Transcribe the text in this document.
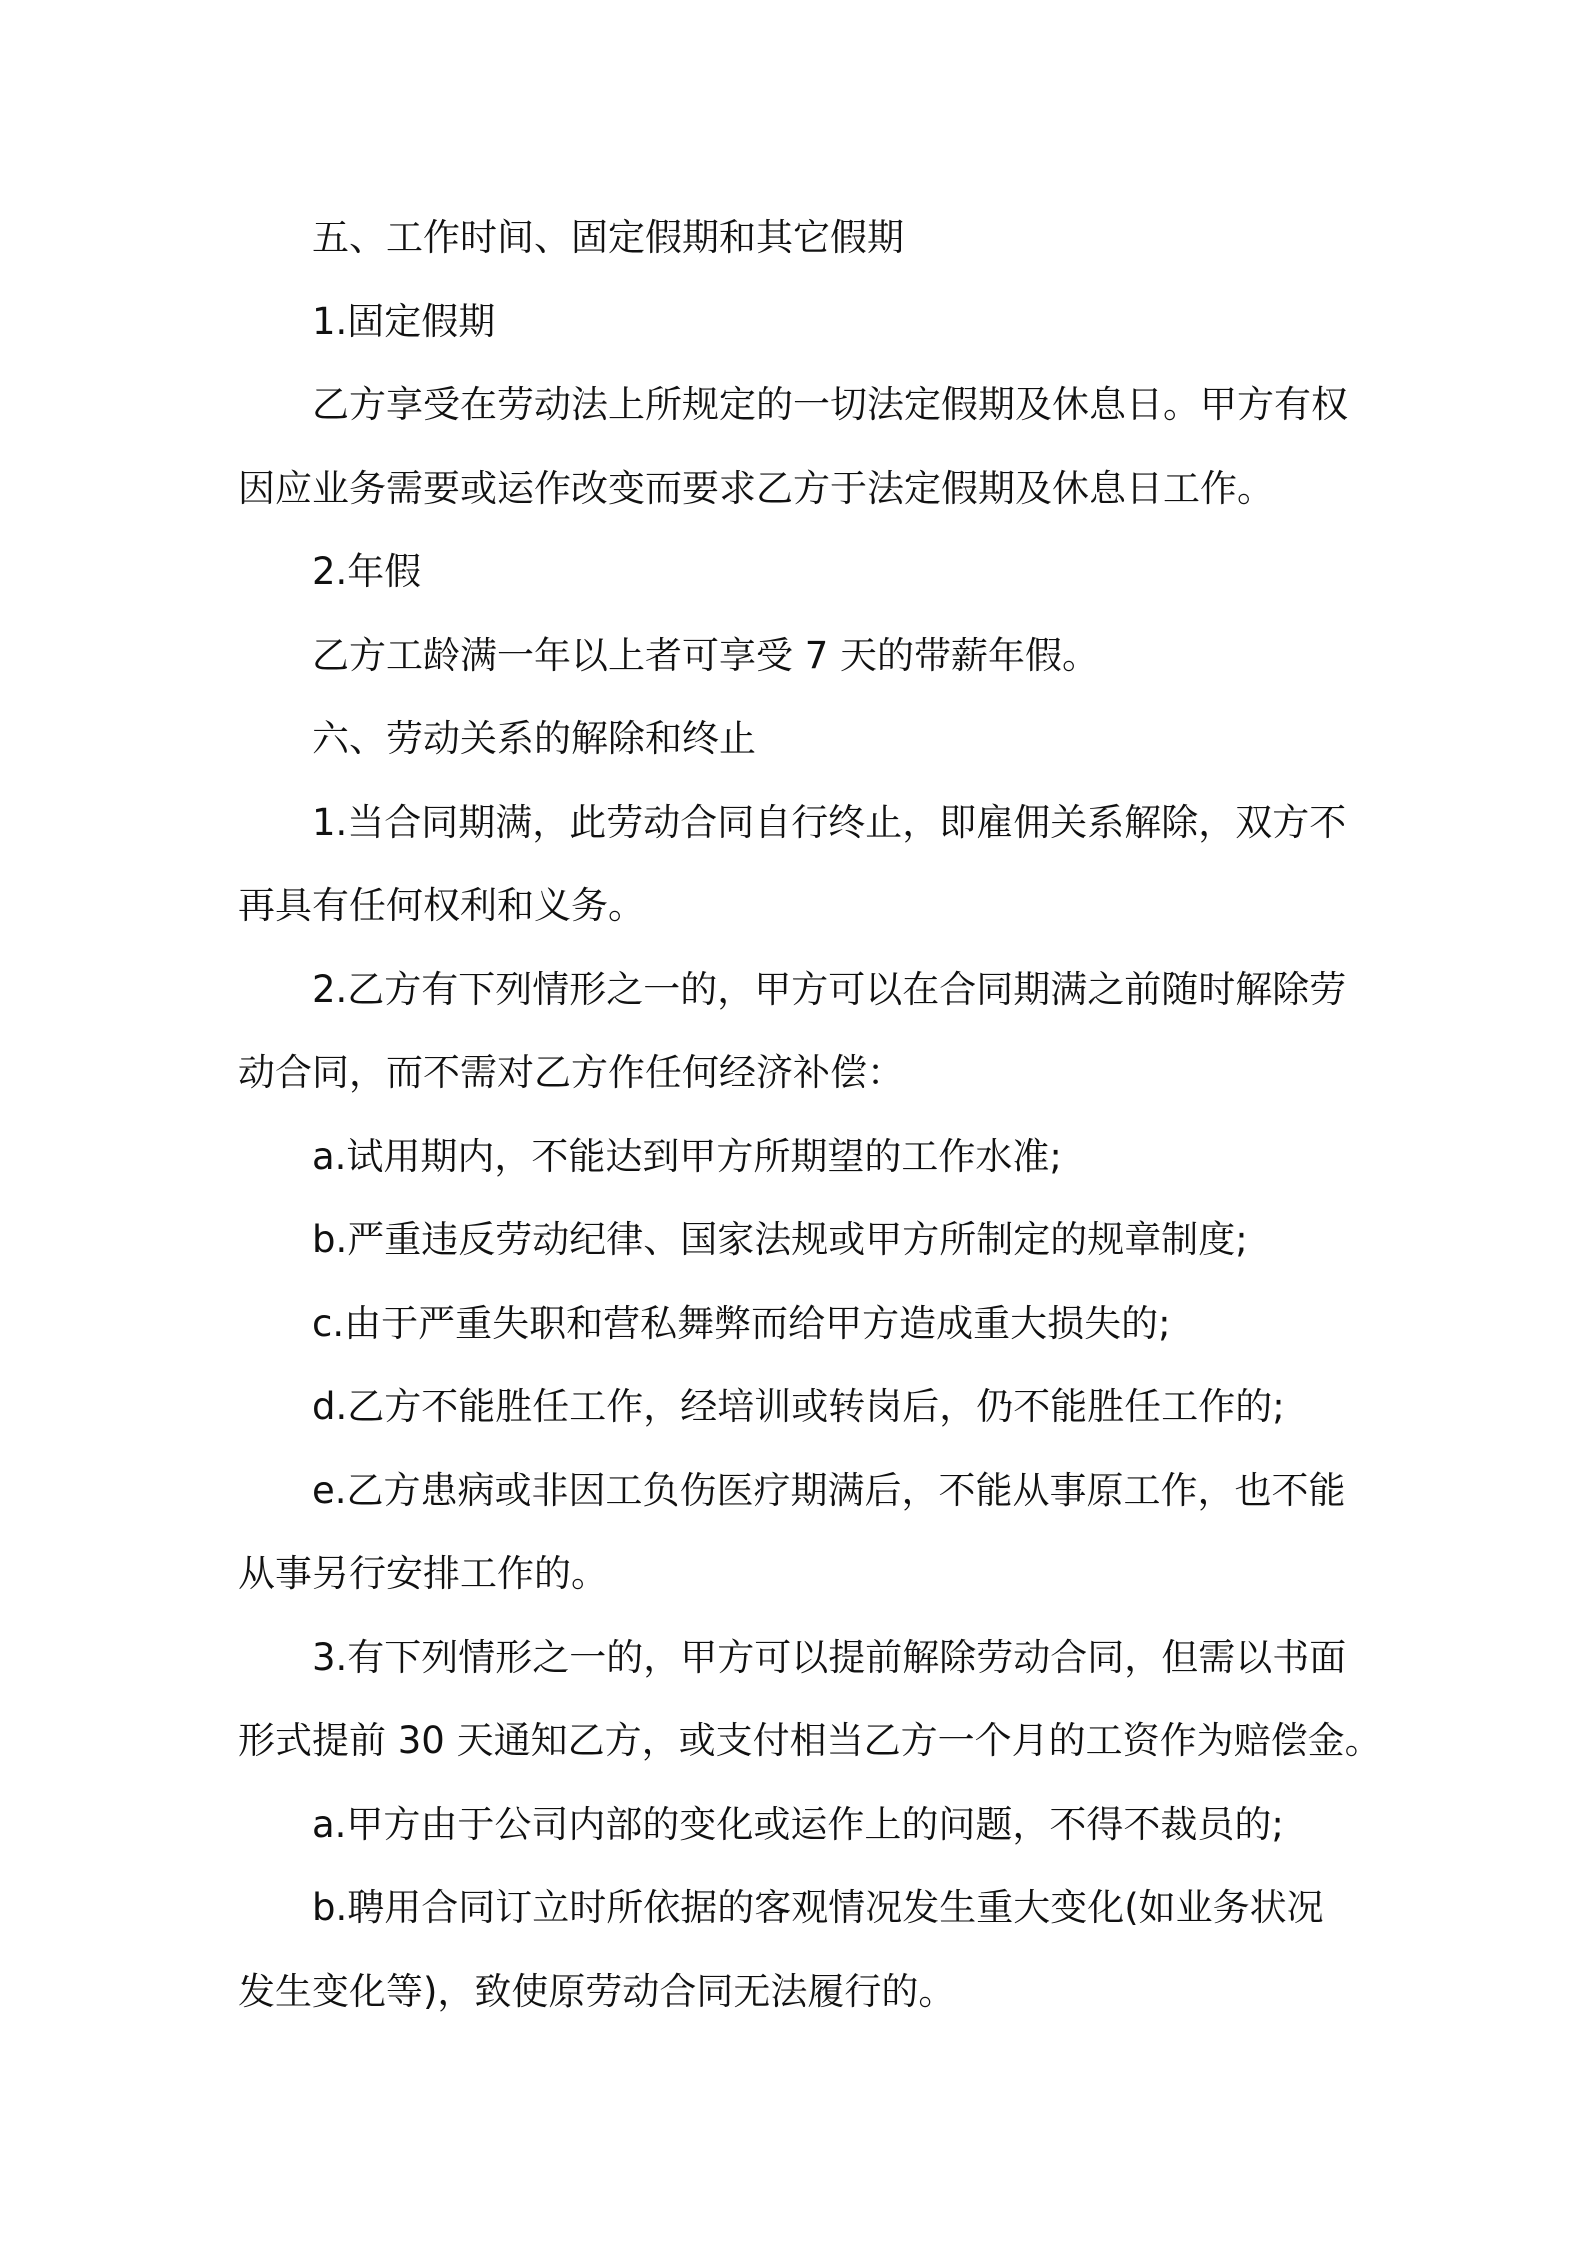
五、工作时间、固定假期和其它假期

1.固定假期

乙方享受在劳动法上所规定的一切法定假期及休息日。甲方有权
因应业务需要或运作改变而要求乙方于法定假期及休息日工作。

2.年假

乙方工龄满一年以上者可享受 7 天的带薪年假。

六、劳动关系的解除和终止

1.当合同期满，此劳动合同自行终止，即雇佣关系解除，双方不
再具有任何权利和义务。

2.乙方有下列情形之一的，甲方可以在合同期满之前随时解除劳
动合同，而不需对乙方作任何经济补偿：

a.试用期内，不能达到甲方所期望的工作水准;

b.严重违反劳动纪律、国家法规或甲方所制定的规章制度;

c.由于严重失职和营私舞弊而给甲方造成重大损失的;

d.乙方不能胜任工作，经培训或转岗后，仍不能胜任工作的;

e.乙方患病或非因工负伤医疗期满后，不能从事原工作，也不能
从事另行安排工作的。

3.有下列情形之一的，甲方可以提前解除劳动合同，但需以书面
形式提前 30 天通知乙方，或支付相当乙方一个月的工资作为赔偿金。

a.甲方由于公司内部的变化或运作上的问题，不得不裁员的;

b.聘用合同订立时所依据的客观情况发生重大变化(如业务状况
发生变化等)，致使原劳动合同无法履行的。
